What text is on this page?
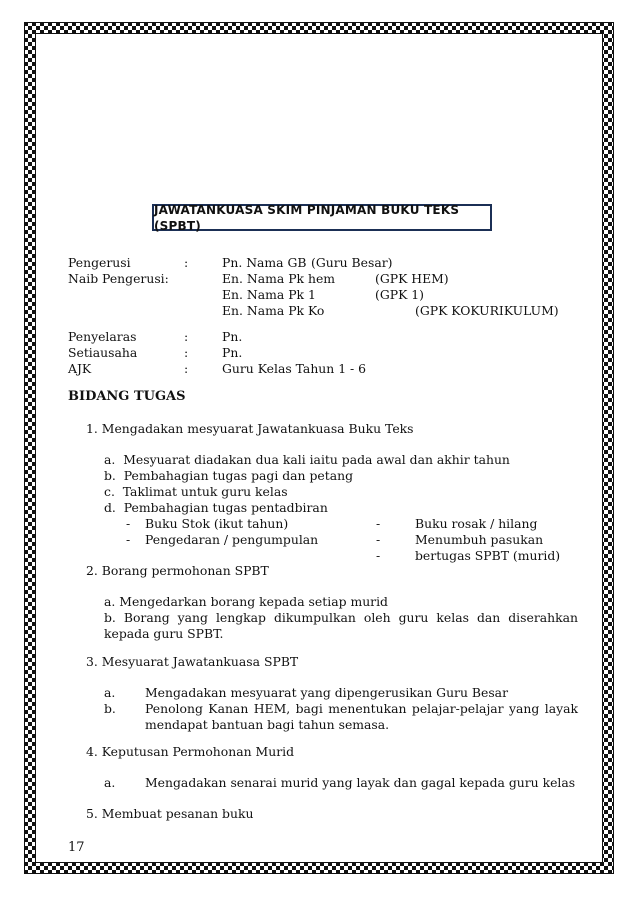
JAWATANKUASA SKIM PINJAMAN BUKU TEKS (SPBT)
Pengerusi	:	Pn. Nama GB (Guru Besar)
Naib Pengerusi:	En. Nama Pk hem	(GPK HEM)
En. Nama Pk 1	(GPK 1)
En. Nama Pk Ko	(GPK KOKURIKULUM)
Penyelaras	:	Pn.
Setiausaha	:	Pn.
AJK	:	Guru Kelas Tahun 1 - 6
BIDANG TUGAS
1. Mengadakan mesyuarat Jawatankuasa Buku Teks
a.  Mesyuarat diadakan dua kali iaitu pada awal dan akhir tahun
b.  Pembahagian tugas pagi dan petang
c.  Taklimat untuk guru kelas
d.  Pembahagian tugas pentadbiran
- Buku Stok (ikut tahun)
- Pengedaran / pengumpulan
-	Buku rosak / hilang
-	Menumbuh pasukan
-	bertugas SPBT (murid)
2. Borang permohonan SPBT
a. Mengedarkan borang kepada setiap murid
b. Borang yang lengkap dikumpulkan oleh guru kelas dan diserahkan kepada guru SPBT.
3. Mesyuarat Jawatankuasa SPBT
a. Mengadakan mesyuarat yang dipengerusikan Guru Besar
b. Penolong Kanan HEM, bagi menentukan pelajar-pelajar yang layak mendapat bantuan bagi tahun semasa.
4. Keputusan Permohonan Murid
a. Mengadakan senarai murid yang layak dan gagal kepada guru kelas
5. Membuat pesanan buku
17
